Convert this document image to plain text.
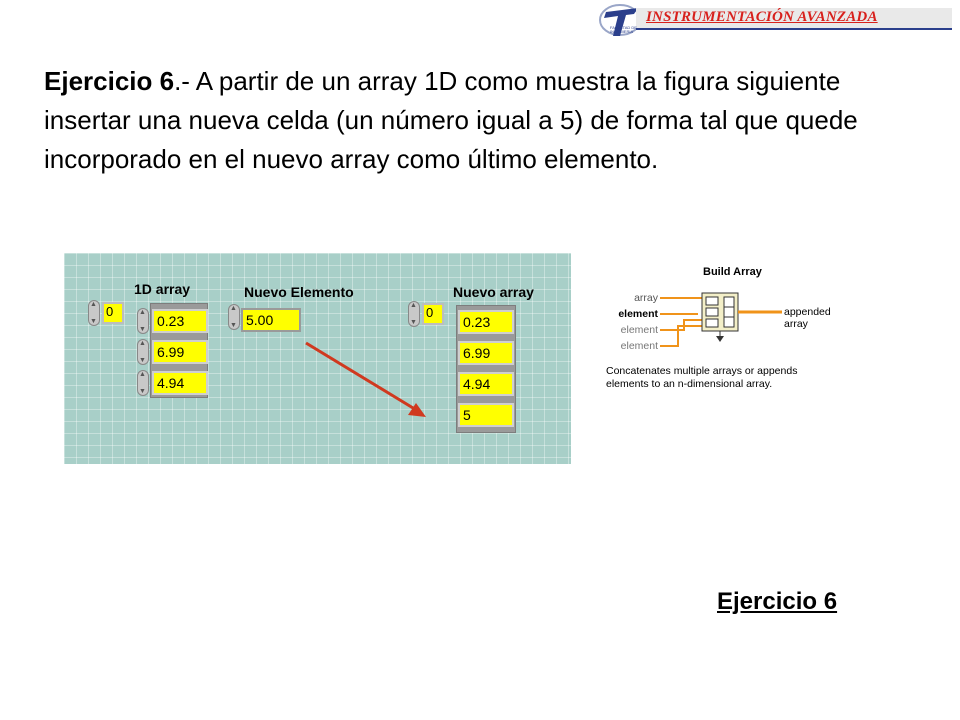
INSTRUMENTACIÓN AVANZADA
FACULTAD DE INGENIERIA
Ejercicio 6.- A partir de un array 1D como muestra la figura siguiente insertar una nueva celda (un número igual a 5) de forma tal que quede incorporado en el nuevo array como último elemento.
1D array
▲ ▼
0
▲ ▼
0.23
▲ ▼
6.99
▲ ▼
4.94
Nuevo Elemento
▲ ▼
5.00
Nuevo array
▲ ▼
0
0.23
6.99
4.94
5
Build Array
array
element
element
element
appended array
Concatenates multiple arrays or appends elements to an n-dimensional array.
Ejercicio 6
